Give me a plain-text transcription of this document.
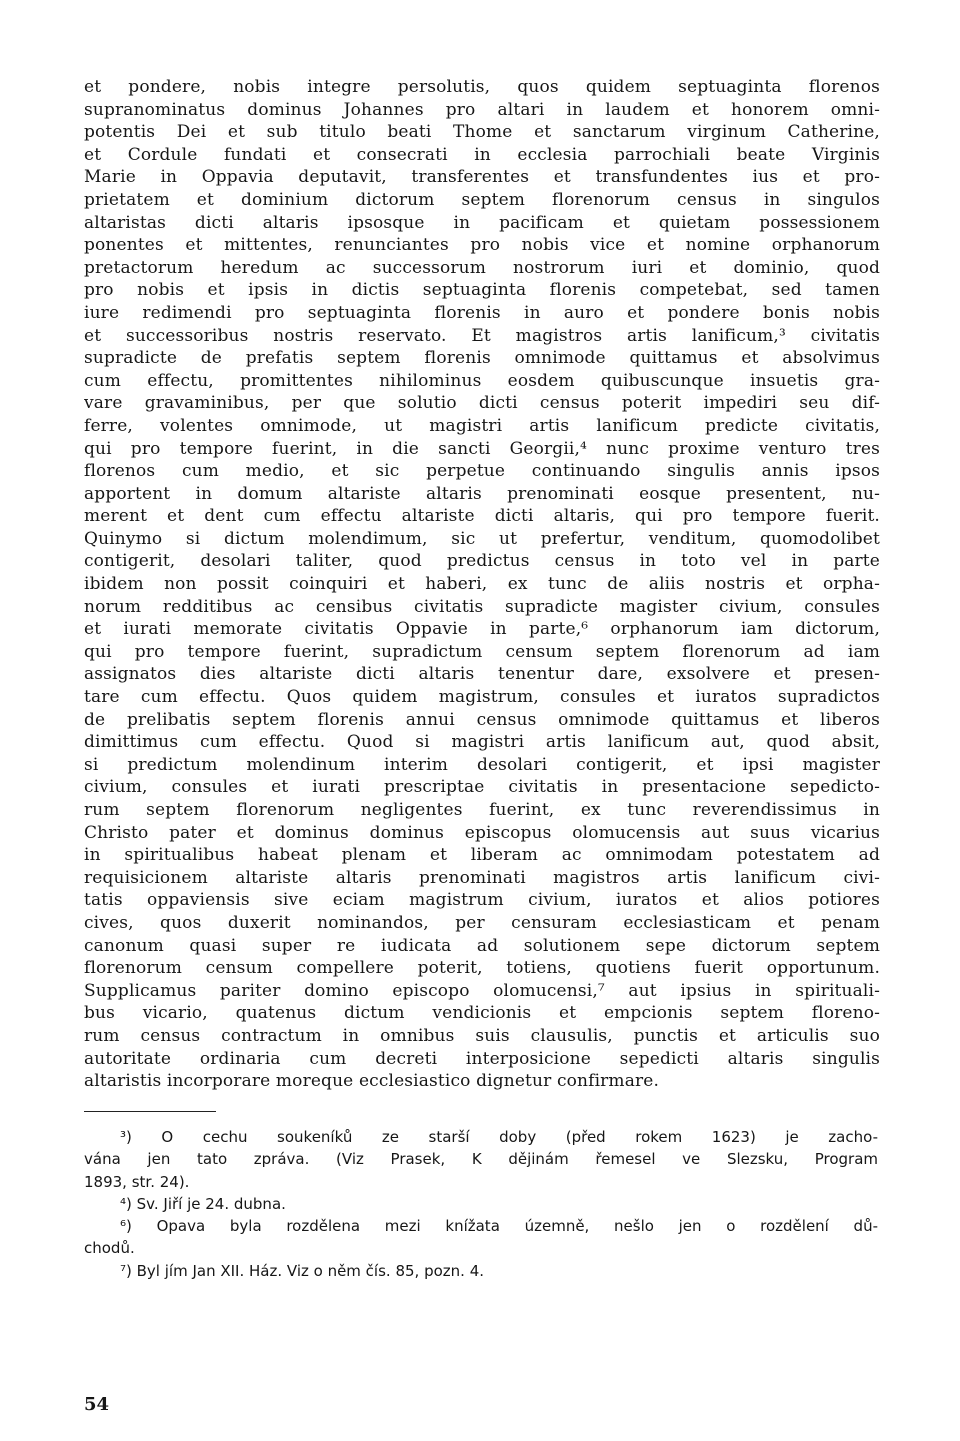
et pondere, nobis integre persolutis, quos quidem septuaginta florenos
supranominatus dominus Johannes pro altari in laudem et honorem omni-
potentis Dei et sub titulo beati Thome et sanctarum virginum Catherine,
et Cordule fundati et consecrati in ecclesia parrochiali beate Virginis
Marie in Oppavia deputavit, transferentes et transfundentes ius et pro-
prietatem et dominium dictorum septem florenorum census in singulos
altaristas dicti altaris ipsosque in pacificam et quietam possessionem
ponentes et mittentes, renunciantes pro nobis vice et nomine orphanorum
pretactorum heredum ac successorum nostrorum iuri et dominio, quod
pro nobis et ipsis in dictis septuaginta florenis competebat, sed tamen
iure redimendi pro septuaginta florenis in auro et pondere bonis nobis
et successoribus nostris reservato. Et magistros artis lanificum,³ civitatis
supradicte de prefatis septem florenis omnimode quittamus et absolvimus
cum effectu, promittentes nihilominus eosdem quibuscunque insuetis gra-
vare gravaminibus, per que solutio dicti census poterit impediri seu dif-
ferre, volentes omnimode, ut magistri artis lanificum predicte civitatis,
qui pro tempore fuerint, in die sancti Georgii,⁴ nunc proxime venturo tres
florenos cum medio, et sic perpetue continuando singulis annis ipsos
apportent in domum altariste altaris prenominati eosque presentent, nu-
merent et dent cum effectu altariste dicti altaris, qui pro tempore fuerit.
Quinymo si dictum molendimum, sic ut prefertur, venditum, quomodolibet
contigerit, desolari taliter, quod predictus census in toto vel in parte
ibidem non possit coinquiri et haberi, ex tunc de aliis nostris et orpha-
norum redditibus ac censibus civitatis supradicte magister civium, consules
et iurati memorate civitatis Oppavie in parte,⁶ orphanorum iam dictorum,
qui pro tempore fuerint, supradictum censum septem florenorum ad iam
assignatos dies altariste dicti altaris tenentur dare, exsolvere et presen-
tare cum effectu. Quos quidem magistrum, consules et iuratos supradictos
de prelibatis septem florenis annui census omnimode quittamus et liberos
dimittimus cum effectu. Quod si magistri artis lanificum aut, quod absit,
si predictum molendinum interim desolari contigerit, et ipsi magister
civium, consules et iurati prescriptae civitatis in presentacione sepedicto-
rum septem florenorum negligentes fuerint, ex tunc reverendissimus in
Christo pater et dominus dominus episcopus olomucensis aut suus vicarius
in spiritualibus habeat plenam et liberam ac omnimodam potestatem ad
requisicionem altariste altaris prenominati magistros artis lanificum civi-
tatis oppaviensis sive eciam magistrum civium, iuratos et alios potiores
cives, quos duxerit nominandos, per censuram ecclesiasticam et penam
canonum quasi super re iudicata ad solutionem sepe dictorum septem
florenorum censum compellere poterit, totiens, quotiens fuerit opportunum.
Supplicamus pariter domino episcopo olomucensi,⁷ aut ipsius in spirituali-
bus vicario, quatenus dictum vendicionis et empcionis septem floreno-
rum census contractum in omnibus suis clausulis, punctis et articulis suo
autoritate ordinaria cum decreti interposicione sepedicti altaris singulis
altaristis incorporare moreque ecclesiastico dignetur confirmare.
³) O cechu soukeníků ze starší doby (před rokem 1623) je zacho-
vána jen tato zpráva. (Viz Prasek, K dějinám řemesel ve Slezsku, Program
1893, str. 24).
⁴) Sv. Jiří je 24. dubna.
⁶) Opava byla rozdělena mezi knížata územně, nešlo jen o rozdělení dů-
chodů.
⁷) Byl jím Jan XII. Ház. Viz o něm čís. 85, pozn. 4.
54
